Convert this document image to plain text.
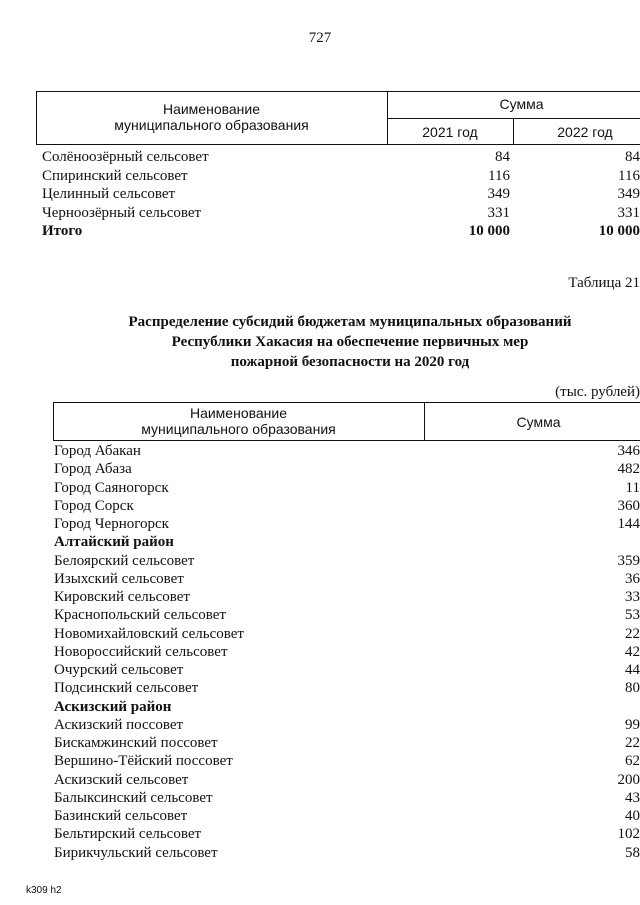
727
Наименование
муниципального образования
Сумма
2021 год	2022 год
Солёноозёрный сельсовет	84	84
Спиринский сельсовет	116	116
Целинный сельсовет	349	349
Черноозёрный сельсовет	331	331
Итого	10 000	10 000
Таблица 21
Распределение субсидий бюджетам муниципальных образований
Республики Хакасия на обеспечение первичных мер
пожарной безопасности на 2020 год
(тыс. рублей)
Наименование
муниципального образования	Сумма
Город Абакан	346
Город Абаза	482
Город Саяногорск	11
Город Сорск	360
Город Черногорск	144
Алтайский район
Белоярский сельсовет	359
Изыхский сельсовет	36
Кировский сельсовет	33
Краснопольский сельсовет	53
Новомихайловский сельсовет	22
Новороссийский сельсовет	42
Очурский сельсовет	44
Подсинский сельсовет	80
Аскизский район
Аскизский поссовет	99
Бискамжинский поссовет	22
Вершино-Тёйский поссовет	62
Аскизский сельсовет	200
Балыксинский сельсовет	43
Базинский сельсовет	40
Бельтирский сельсовет	102
Бирикчульский сельсовет	58
k309 h2
